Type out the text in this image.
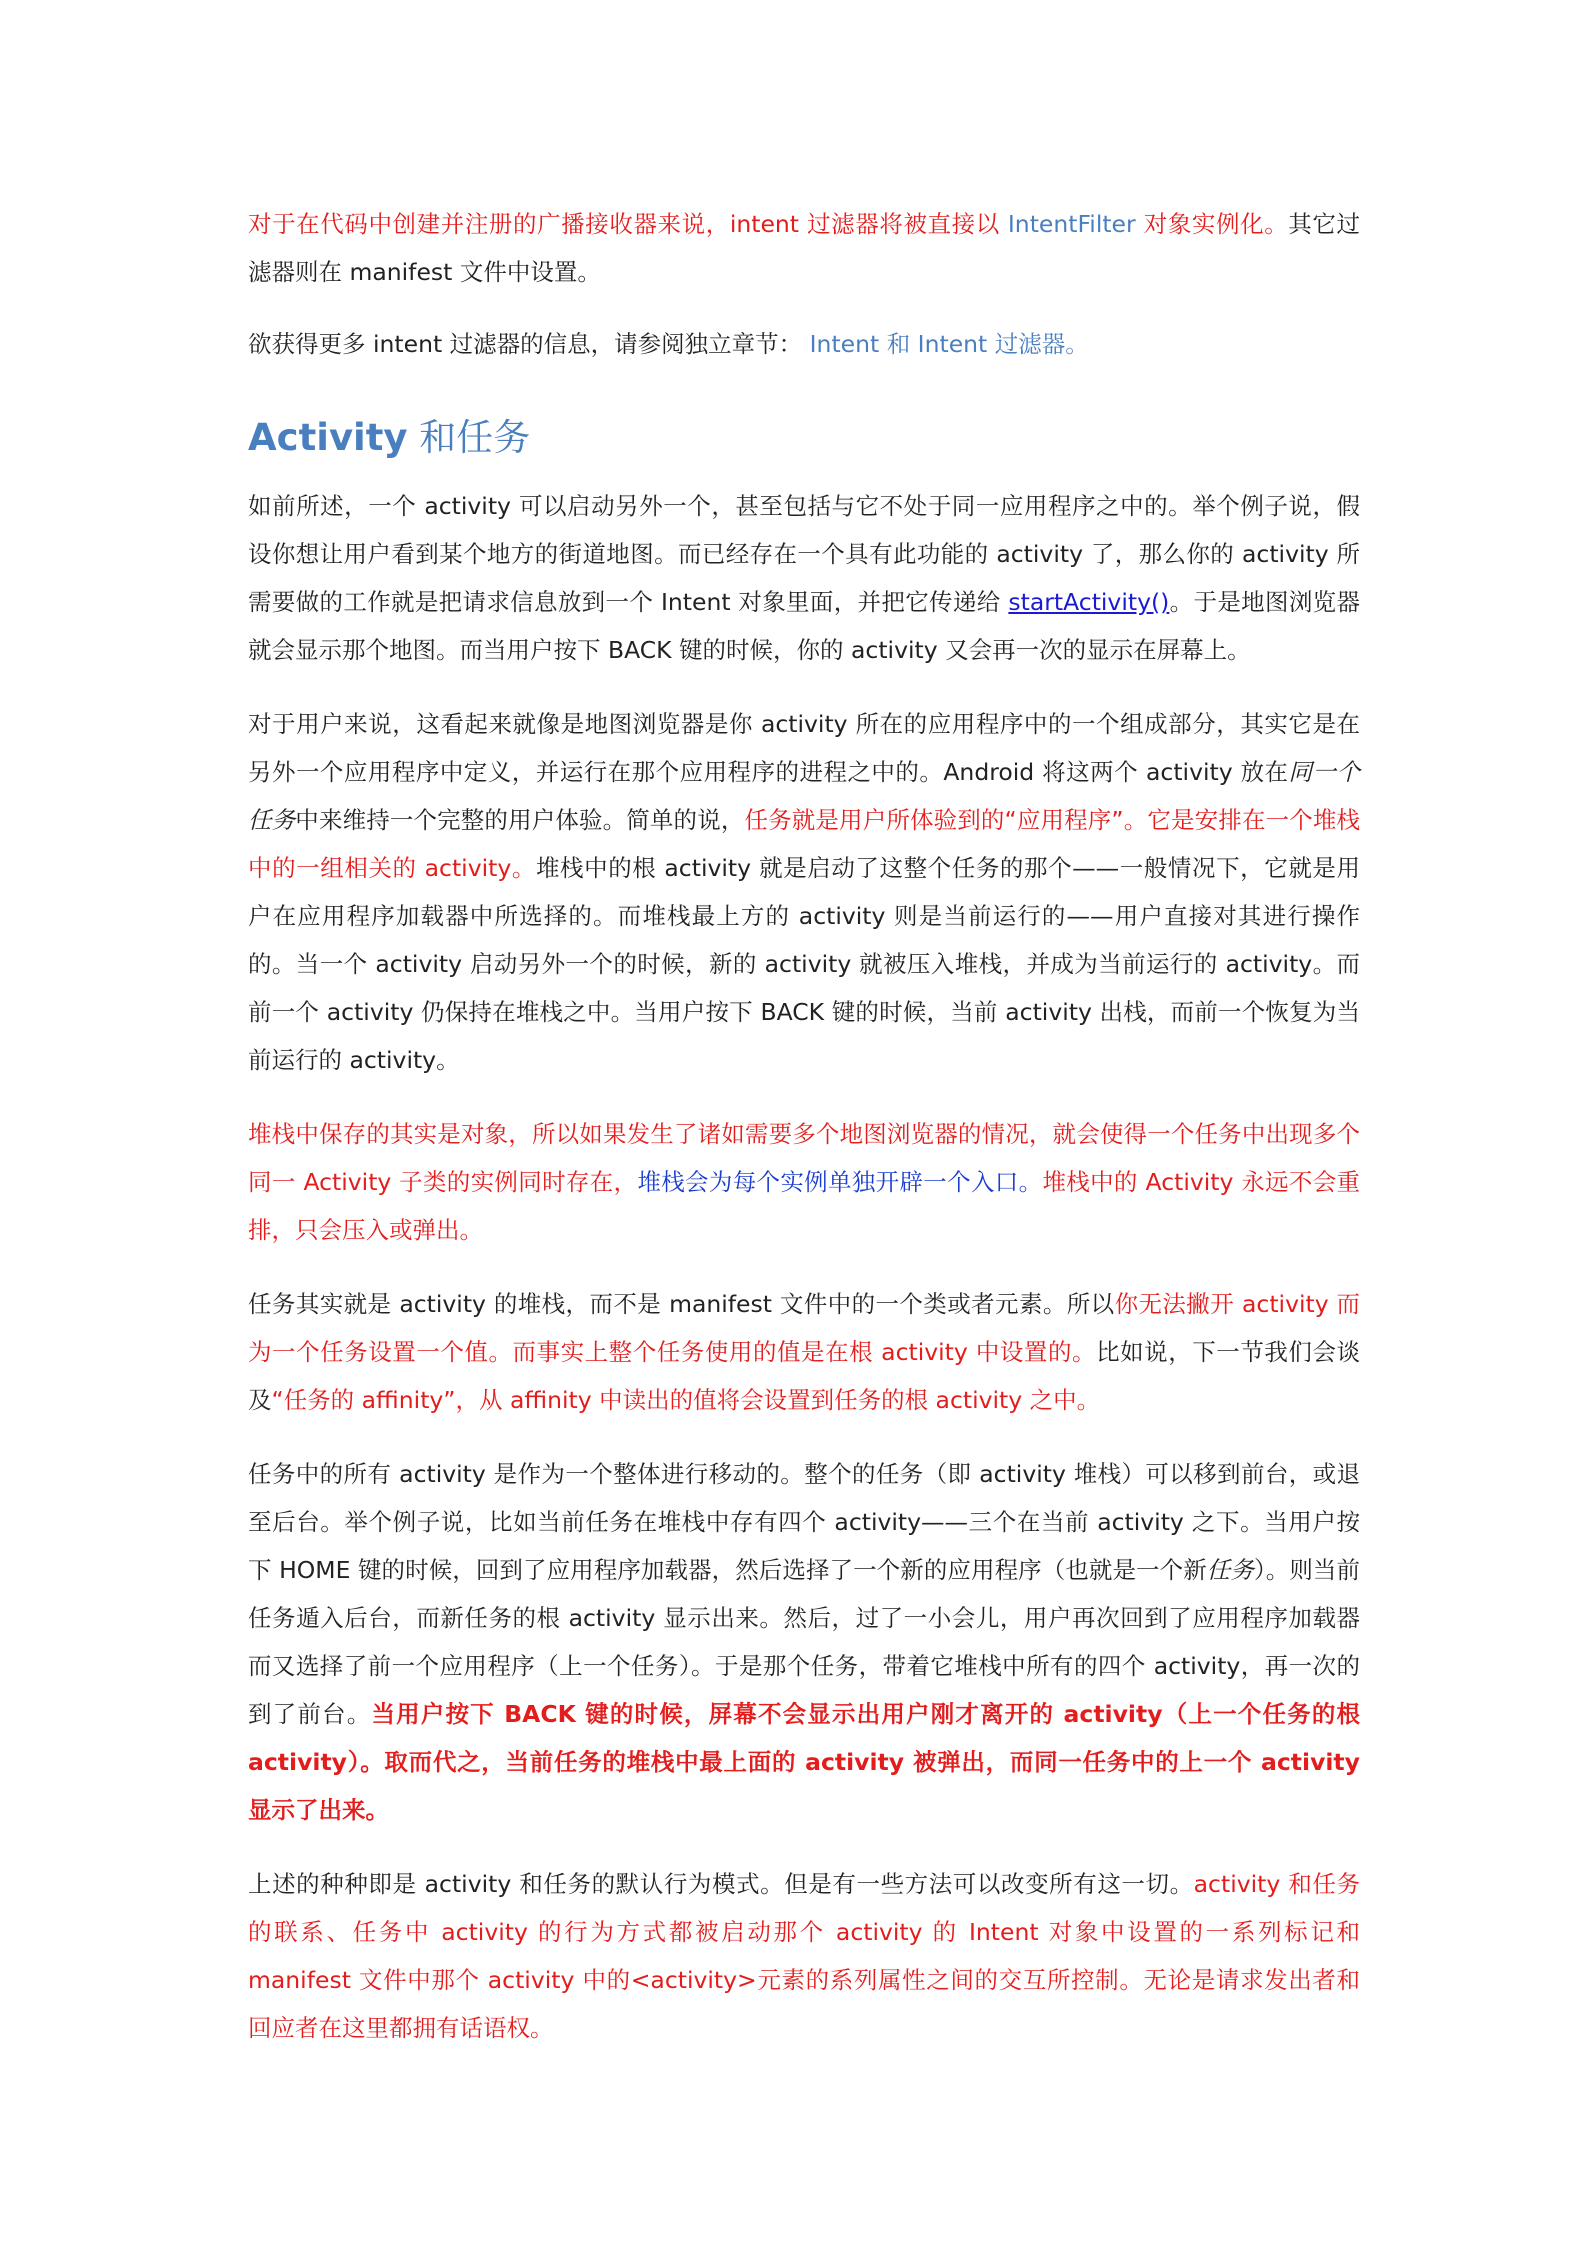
对于在代码中创建并注册的广播接收器来说，intent 过滤器将被直接以 IntentFilter 对象实例化。其它过滤器则在 manifest 文件中设置。

欲获得更多 intent 过滤器的信息，请参阅独立章节： Intent 和 Intent 过滤器。

Activity 和任务

如前所述，一个 activity 可以启动另外一个，甚至包括与它不处于同一应用程序之中的。举个例子说，假设你想让用户看到某个地方的街道地图。而已经存在一个具有此功能的 activity 了，那么你的 activity 所需要做的工作就是把请求信息放到一个 Intent 对象里面，并把它传递给 startActivity()。于是地图浏览器就会显示那个地图。而当用户按下 BACK 键的时候，你的 activity 又会再一次的显示在屏幕上。

对于用户来说，这看起来就像是地图浏览器是你 activity 所在的应用程序中的一个组成部分，其实它是在另外一个应用程序中定义，并运行在那个应用程序的进程之中的。Android 将这两个 activity 放在同一个任务中来维持一个完整的用户体验。简单的说，任务就是用户所体验到的“应用程序”。它是安排在一个堆栈中的一组相关的 activity。堆栈中的根 activity 就是启动了这整个任务的那个——一般情况下，它就是用户在应用程序加载器中所选择的。而堆栈最上方的 activity 则是当前运行的——用户直接对其进行操作的。当一个 activity 启动另外一个的时候，新的 activity 就被压入堆栈，并成为当前运行的 activity。而前一个 activity 仍保持在堆栈之中。当用户按下 BACK 键的时候，当前 activity 出栈，而前一个恢复为当前运行的 activity。

堆栈中保存的其实是对象，所以如果发生了诸如需要多个地图浏览器的情况，就会使得一个任务中出现多个同一 Activity 子类的实例同时存在，堆栈会为每个实例单独开辟一个入口。堆栈中的 Activity 永远不会重排，只会压入或弹出。

任务其实就是 activity 的堆栈，而不是 manifest 文件中的一个类或者元素。所以你无法撇开 activity 而为一个任务设置一个值。而事实上整个任务使用的值是在根 activity 中设置的。比如说，下一节我们会谈及“任务的 affinity”，从 affinity 中读出的值将会设置到任务的根 activity 之中。

任务中的所有 activity 是作为一个整体进行移动的。整个的任务（即 activity 堆栈）可以移到前台，或退至后台。举个例子说，比如当前任务在堆栈中存有四个 activity——三个在当前 activity 之下。当用户按下 HOME 键的时候，回到了应用程序加载器，然后选择了一个新的应用程序（也就是一个新任务）。则当前任务遁入后台，而新任务的根 activity 显示出来。然后，过了一小会儿，用户再次回到了应用程序加载器而又选择了前一个应用程序（上一个任务）。于是那个任务，带着它堆栈中所有的四个 activity，再一次的到了前台。当用户按下 BACK 键的时候，屏幕不会显示出用户刚才离开的 activity（上一个任务的根 activity）。取而代之，当前任务的堆栈中最上面的 activity 被弹出，而同一任务中的上一个 activity 显示了出来。

上述的种种即是 activity 和任务的默认行为模式。但是有一些方法可以改变所有这一切。activity 和任务的联系、任务中 activity 的行为方式都被启动那个 activity 的 Intent 对象中设置的一系列标记和 manifest 文件中那个 activity 中的<activity>元素的系列属性之间的交互所控制。无论是请求发出者和回应者在这里都拥有话语权。
